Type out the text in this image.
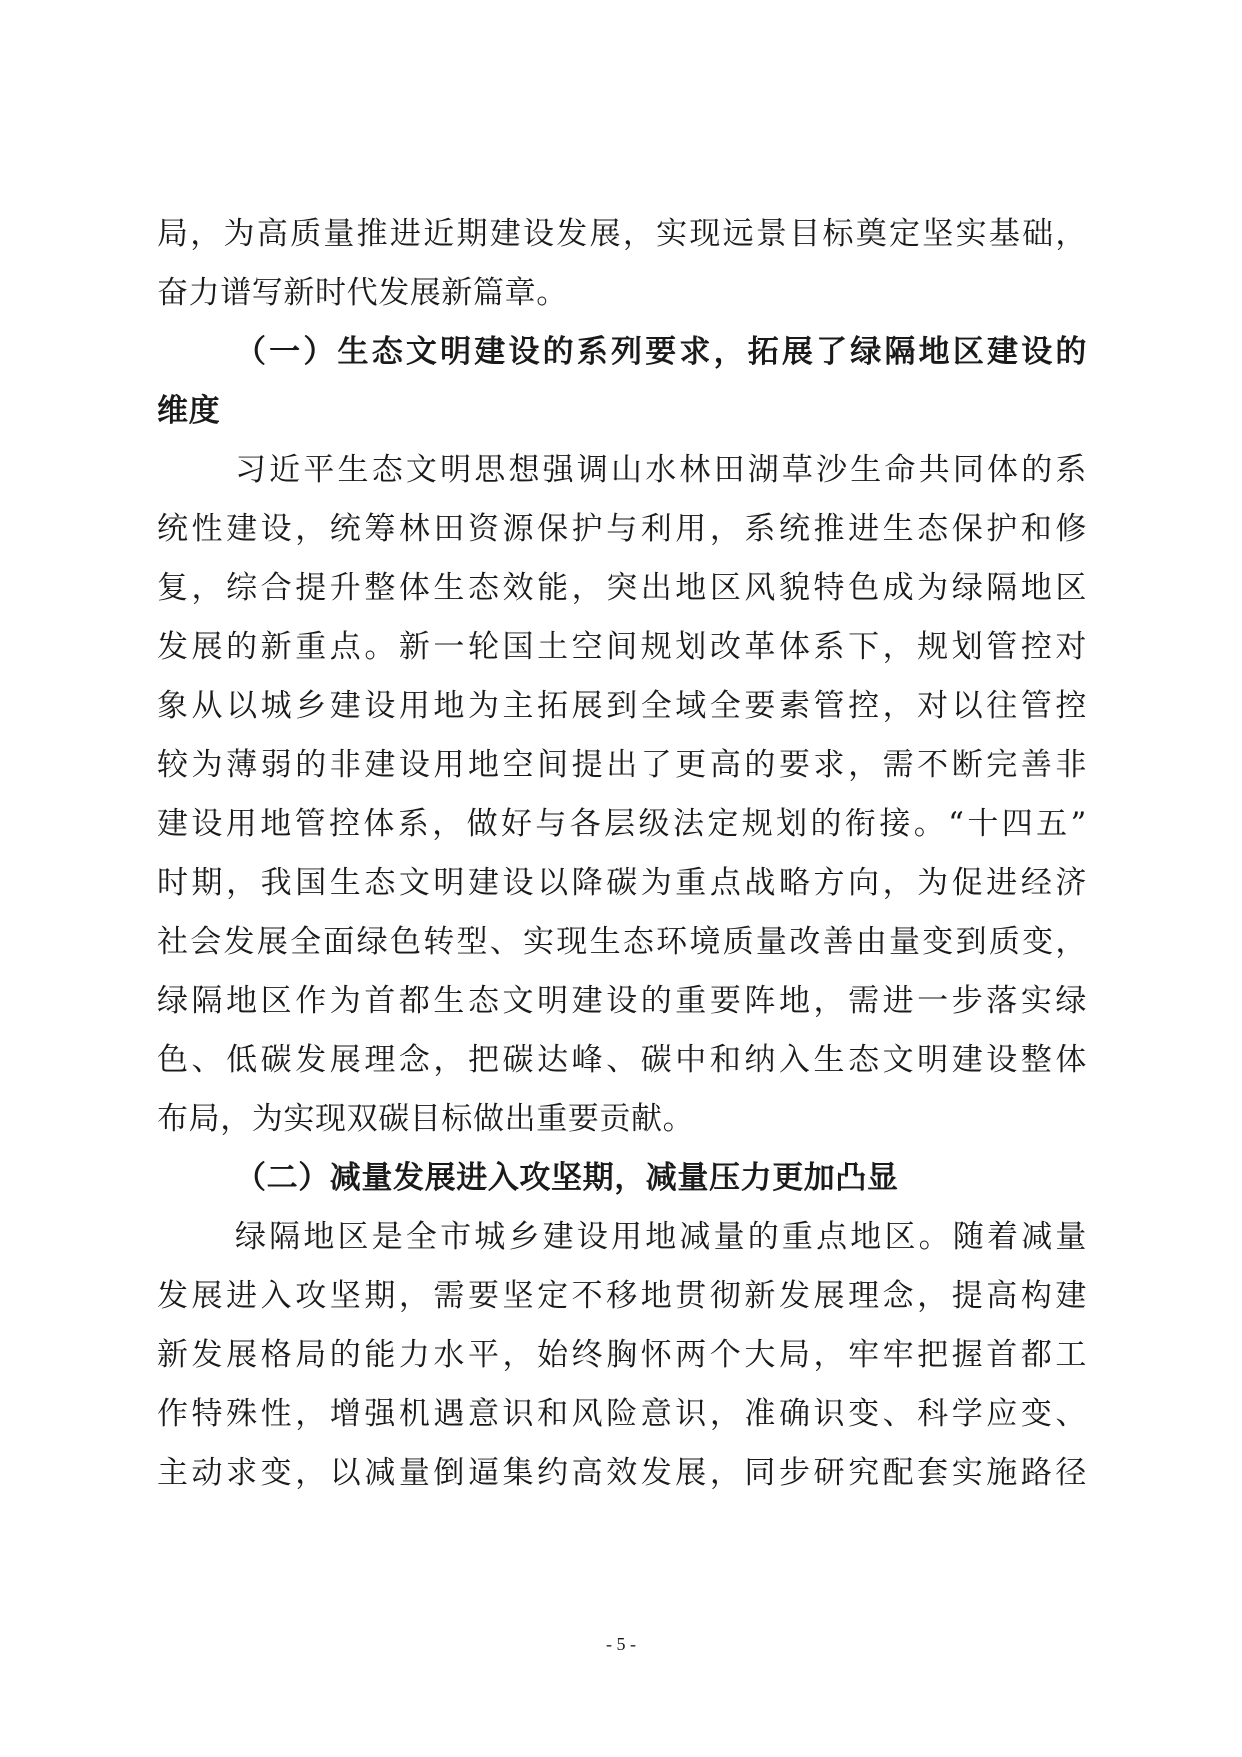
局，为高质量推进近期建设发展，实现远景目标奠定坚实基础，
奋力谱写新时代发展新篇章。
（一）生态文明建设的系列要求，拓展了绿隔地区建设的
维度
习近平生态文明思想强调山水林田湖草沙生命共同体的系
统性建设，统筹林田资源保护与利用，系统推进生态保护和修
复，综合提升整体生态效能，突出地区风貌特色成为绿隔地区
发展的新重点。新一轮国土空间规划改革体系下，规划管控对
象从以城乡建设用地为主拓展到全域全要素管控，对以往管控
较为薄弱的非建设用地空间提出了更高的要求，需不断完善非
建设用地管控体系，做好与各层级法定规划的衔接。“十四五”
时期，我国生态文明建设以降碳为重点战略方向，为促进经济
社会发展全面绿色转型、实现生态环境质量改善由量变到质变，
绿隔地区作为首都生态文明建设的重要阵地，需进一步落实绿
色、低碳发展理念，把碳达峰、碳中和纳入生态文明建设整体
布局，为实现双碳目标做出重要贡献。
（二）减量发展进入攻坚期，减量压力更加凸显
绿隔地区是全市城乡建设用地减量的重点地区。随着减量
发展进入攻坚期，需要坚定不移地贯彻新发展理念，提高构建
新发展格局的能力水平，始终胸怀两个大局，牢牢把握首都工
作特殊性，增强机遇意识和风险意识，准确识变、科学应变、
主动求变，以减量倒逼集约高效发展，同步研究配套实施路径
- 5 -
